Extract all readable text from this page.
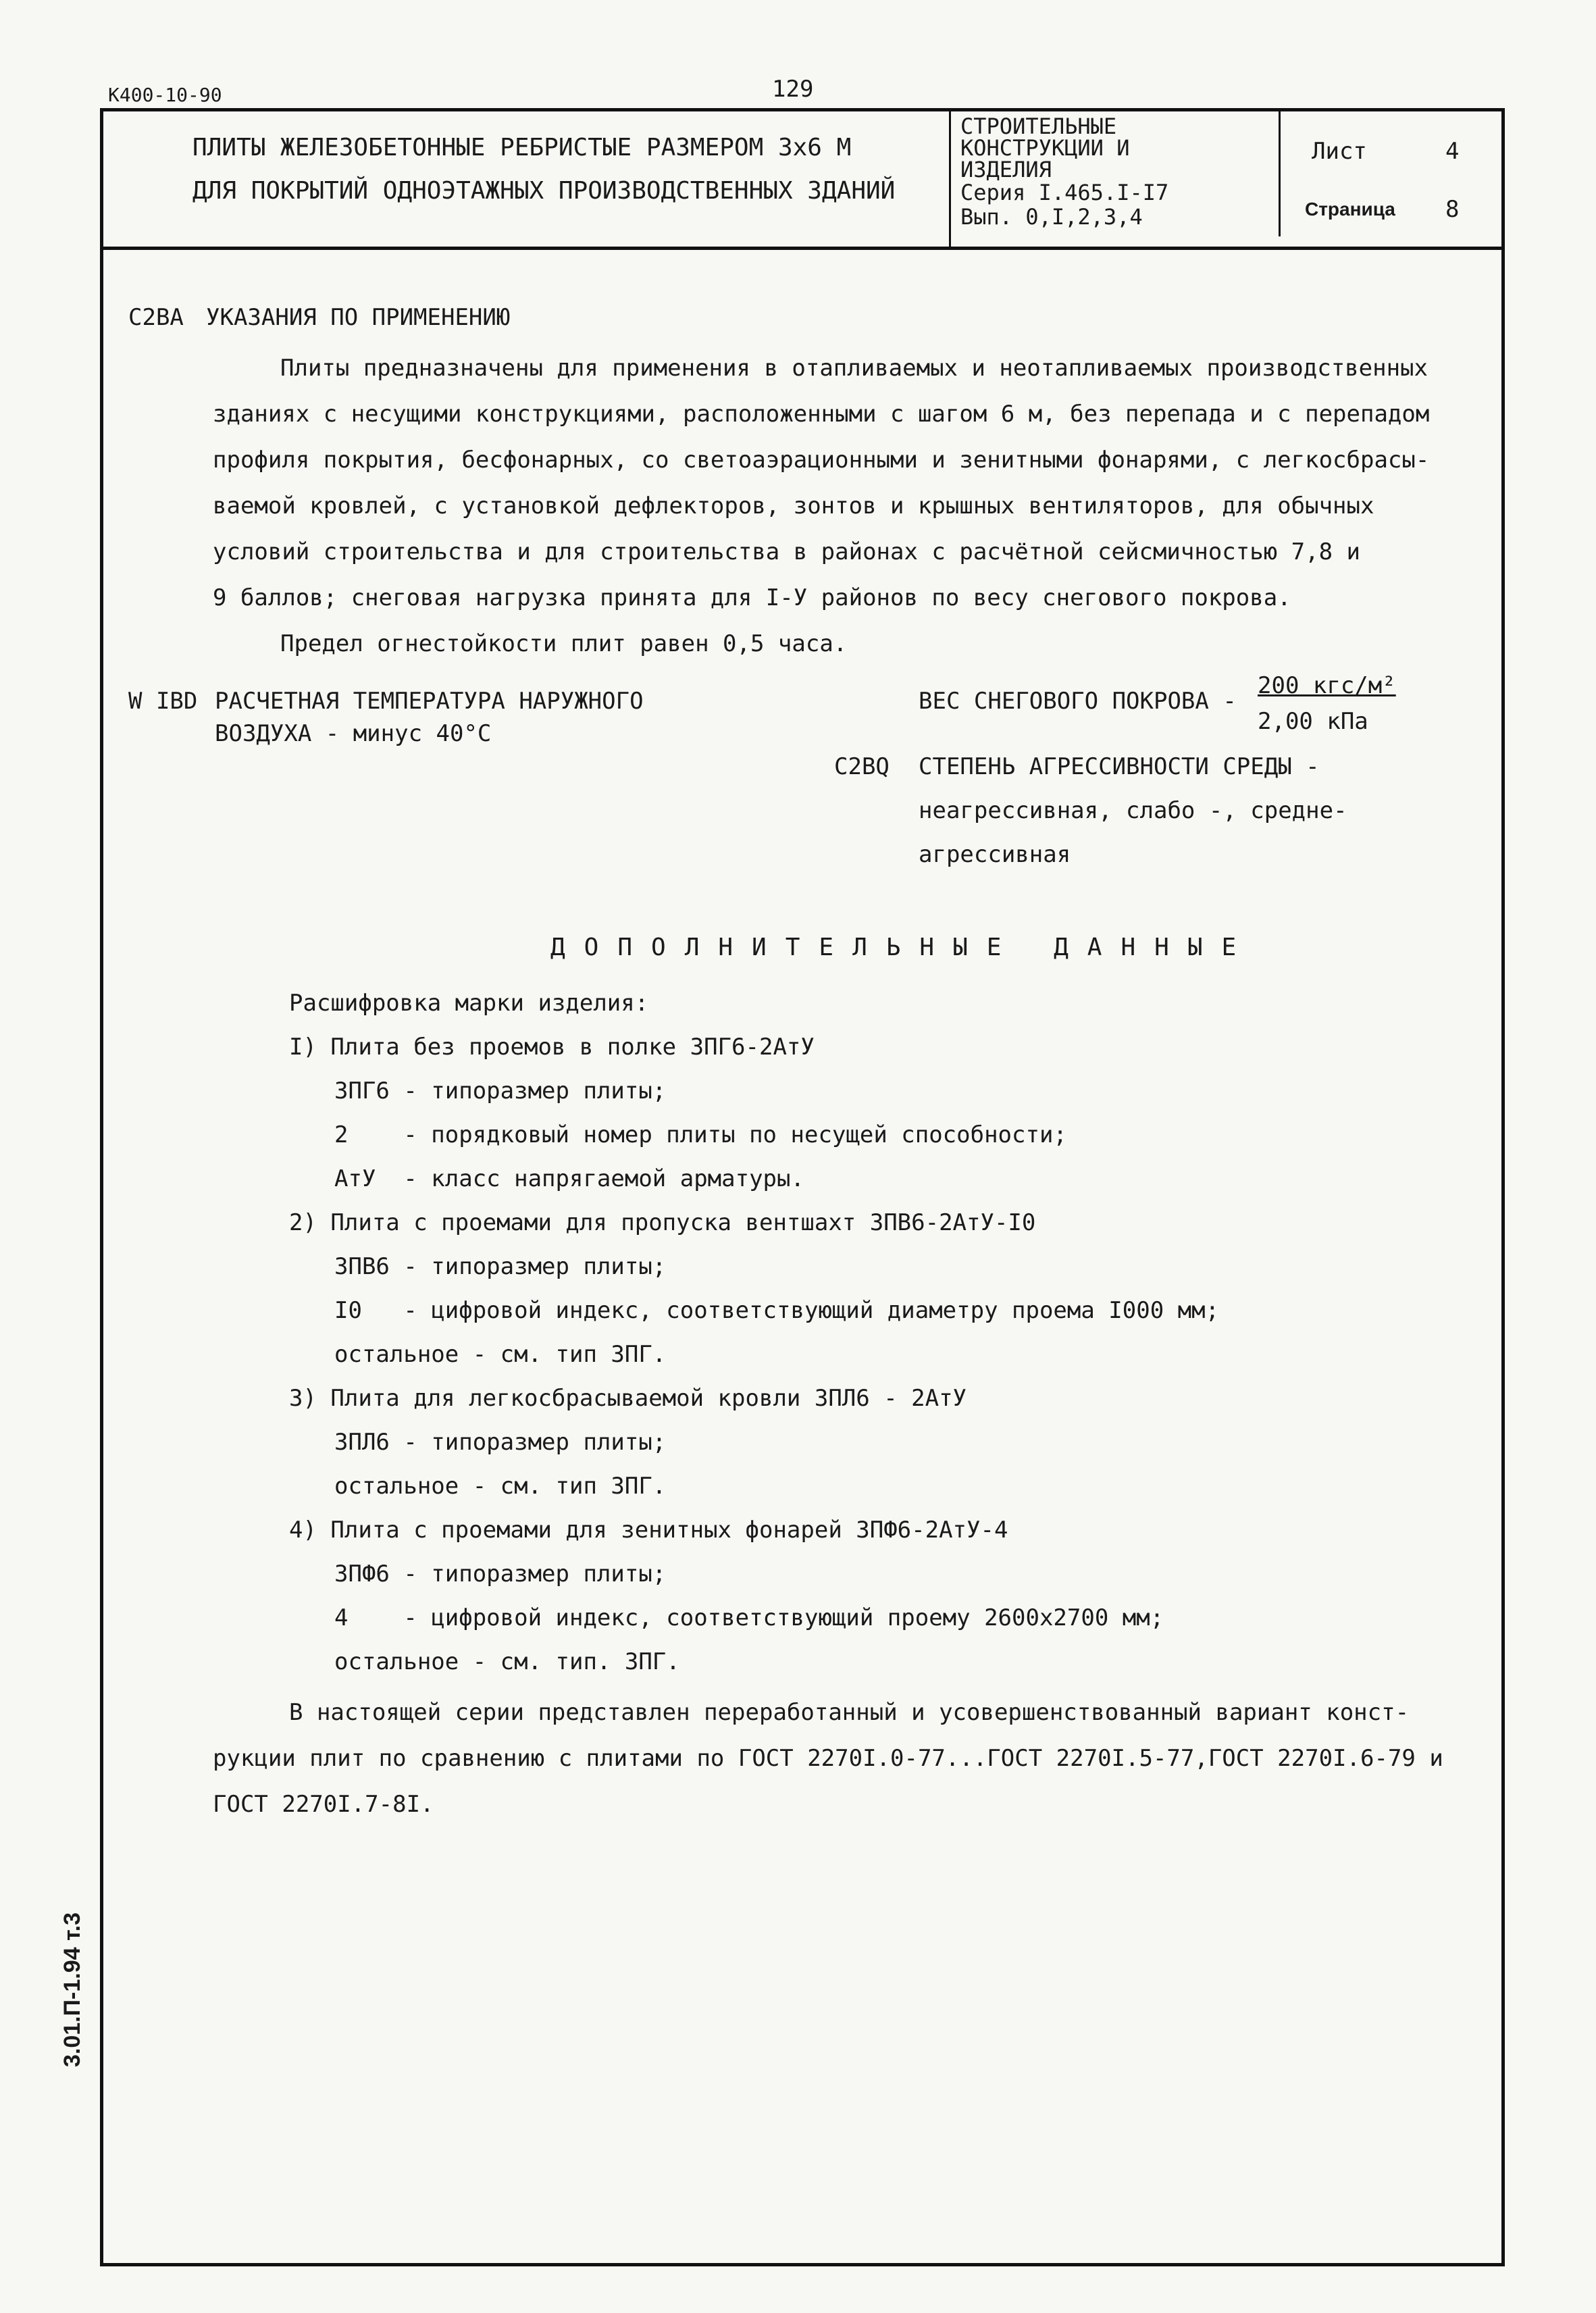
К400-10-90	129
ПЛИТЫ ЖЕЛЕЗОБЕТОННЫЕ РЕБРИСТЫЕ РАЗМЕРОМ 3х6 М
ДЛЯ ПОКРЫТИЙ ОДНОЭТАЖНЫХ ПРОИЗВОДСТВЕННЫХ ЗДАНИЙ
СТРОИТЕЛЬНЫЕ
КОНСТРУКЦИИ И
ИЗДЕЛИЯ
Серия I.465.I-I7
Вып. 0,I,2,3,4
Лист	4
Страница 8
С2ВА УКАЗАНИЯ ПО ПРИМЕНЕНИЮ
Плиты предназначены для применения в отапливаемых и неотапливаемых производственных
зданиях с несущими конструкциями, расположенными с шагом 6 м, без перепада и с перепадом
профиля покрытия, бесфонарных, со светоаэрационными и зенитными фонарями, с легкосбрасы-
ваемой кровлей, с установкой дефлекторов, зонтов и крышных вентиляторов, для обычных
условий строительства и для строительства в районах с расчётной сейсмичностью 7,8 и
9 баллов; снеговая нагрузка принята для I-У районов по весу снегового покрова.
Предел огнестойкости плит равен 0,5 часа.
W IBD РАСЧЕТНАЯ ТЕМПЕРАТУРА НАРУЖНОГО
ВОЗДУХА - минус 40°С
ВЕС СНЕГОВОГО ПОКРОВА -
200 кгс/м²
2,00 кПа
С2ВQ СТЕПЕНЬ АГРЕССИВНОСТИ СРЕДЫ -
неагрессивная, слабо -, средне-
агрессивная
ДОПОЛНИТЕЛЬНЫЕ ДАННЫЕ
Расшифровка марки изделия:
I) Плита без проемов в полке ЗПГ6-2АтУ
ЗПГ6 - типоразмер плиты;
2    - порядковый номер плиты по несущей способности;
АтУ  - класс напрягаемой арматуры.
2) Плита с проемами для пропуска вентшахт ЗПВ6-2АтУ-I0
ЗПВ6 - типоразмер плиты;
I0   - цифровой индекс, соответствующий диаметру проема I000 мм;
остальное - см. тип ЗПГ.
3) Плита для легкосбрасываемой кровли ЗПЛ6 - 2АтУ
ЗПЛ6 - типоразмер плиты;
остальное - см. тип ЗПГ.
4) Плита с проемами для зенитных фонарей ЗПФ6-2АтУ-4
ЗПФ6 - типоразмер плиты;
4    - цифровой индекс, соответствующий проему 2600х2700 мм;
остальное - см. тип. ЗПГ.
В настоящей серии представлен переработанный и усовершенствованный вариант конст-
рукции плит по сравнению с плитами по ГОСТ 2270I.0-77...ГОСТ 2270I.5-77,ГОСТ 2270I.6-79 и
ГОСТ 2270I.7-8I.
3.01.П-1.94 т.3
